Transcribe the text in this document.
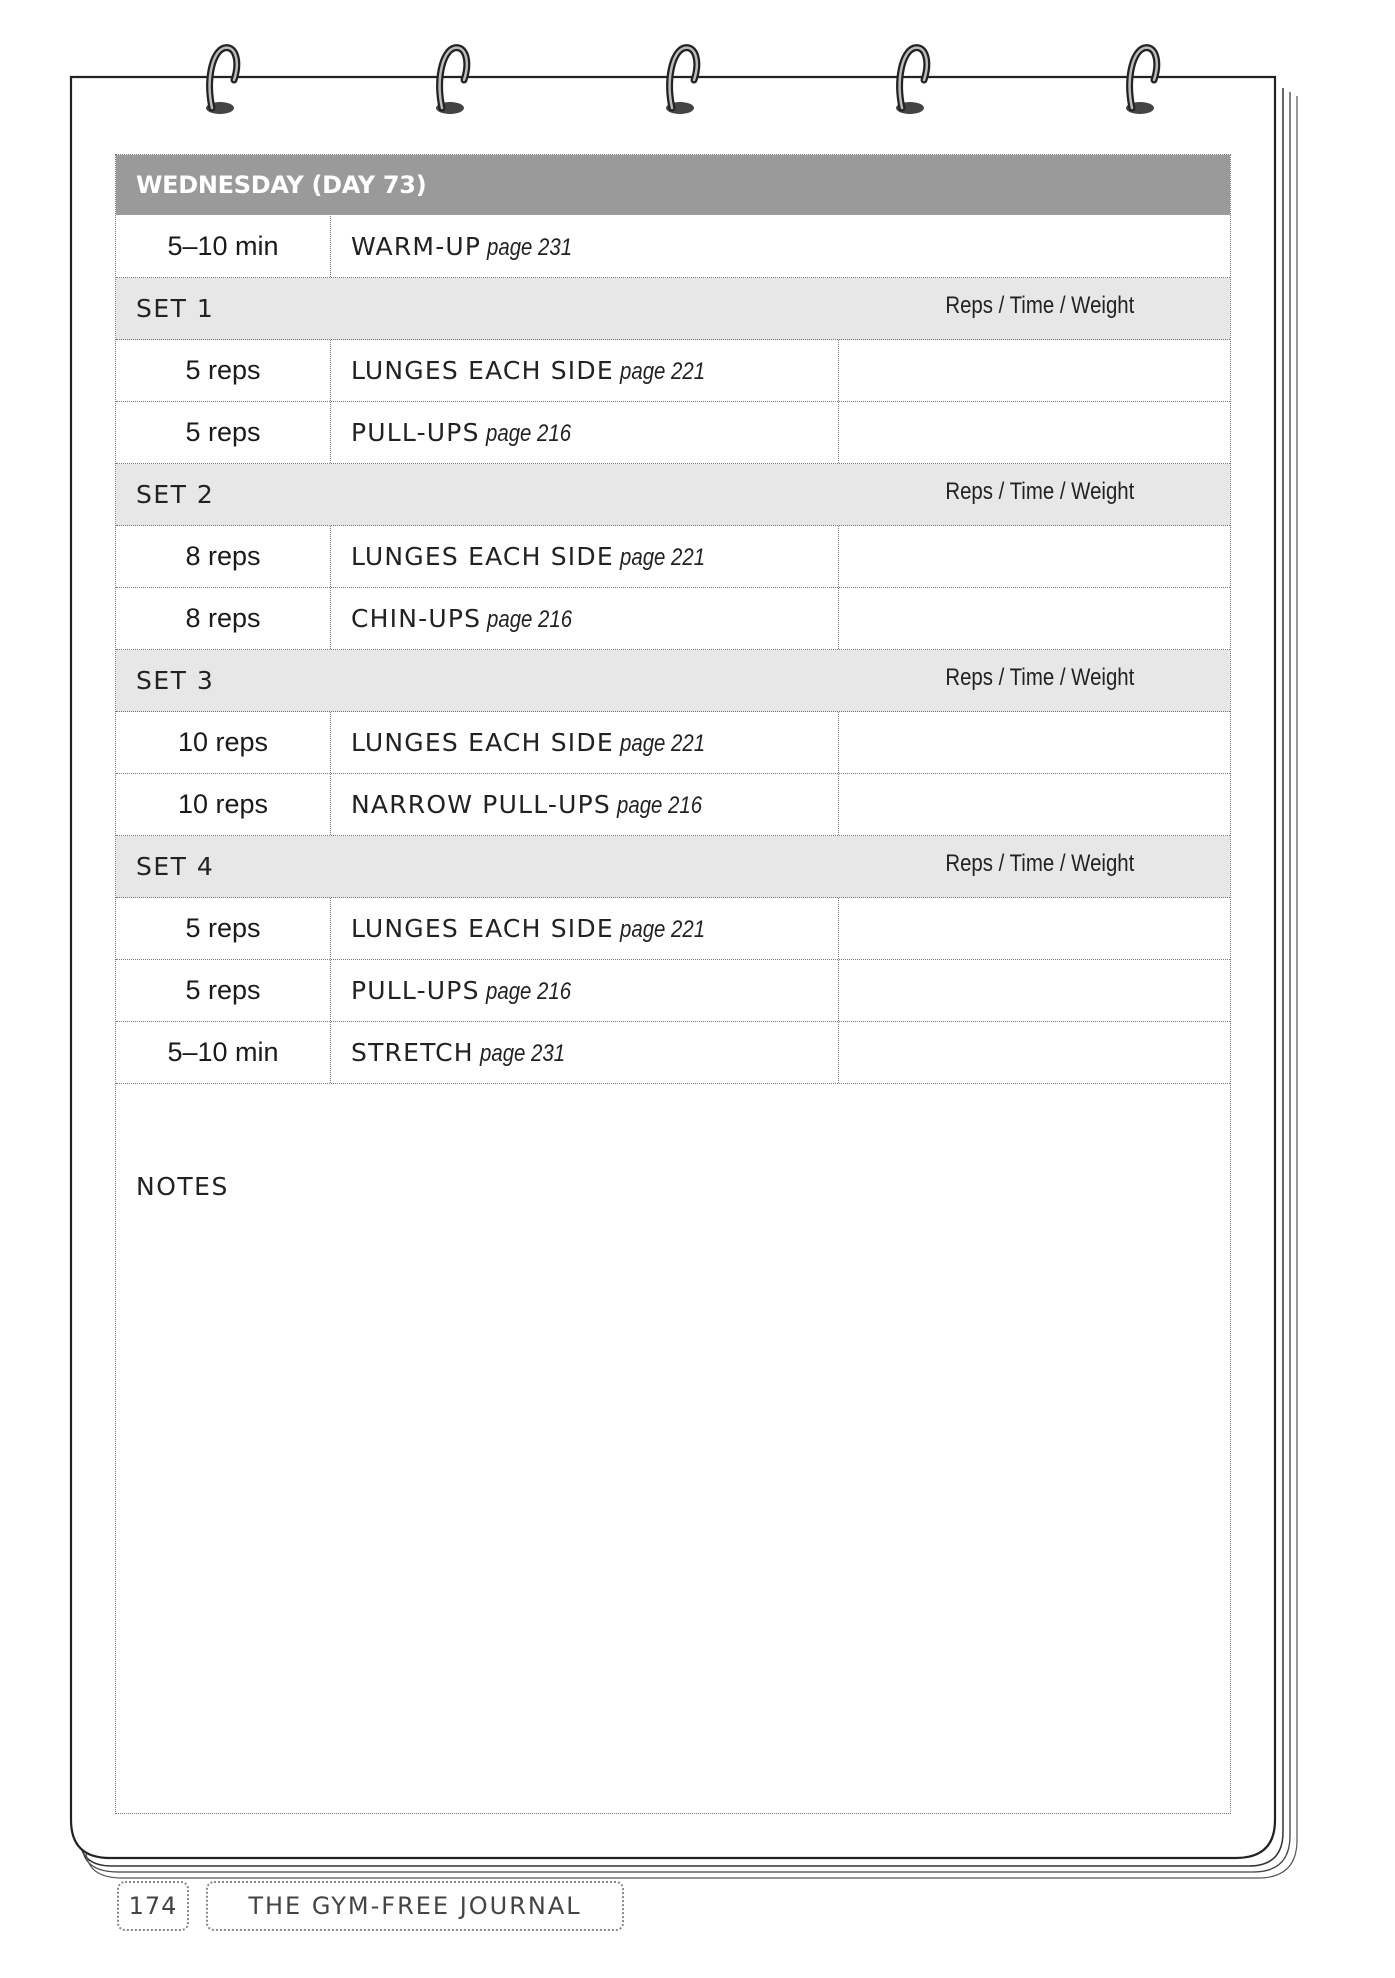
WEDNESDAY (DAY 73)
5–10 min	WARM-UP page 231
SET 1	Reps / Time / Weight
5 reps	LUNGES EACH SIDE page 221
5 reps	PULL-UPS page 216
SET 2	Reps / Time / Weight
8 reps	LUNGES EACH SIDE page 221
8 reps	CHIN-UPS page 216
SET 3	Reps / Time / Weight
10 reps	LUNGES EACH SIDE page 221
10 reps	NARROW PULL-UPS page 216
SET 4	Reps / Time / Weight
5 reps	LUNGES EACH SIDE page 221
5 reps	PULL-UPS page 216
5–10 min	STRETCH page 231
NOTES
174	THE GYM-FREE JOURNAL
